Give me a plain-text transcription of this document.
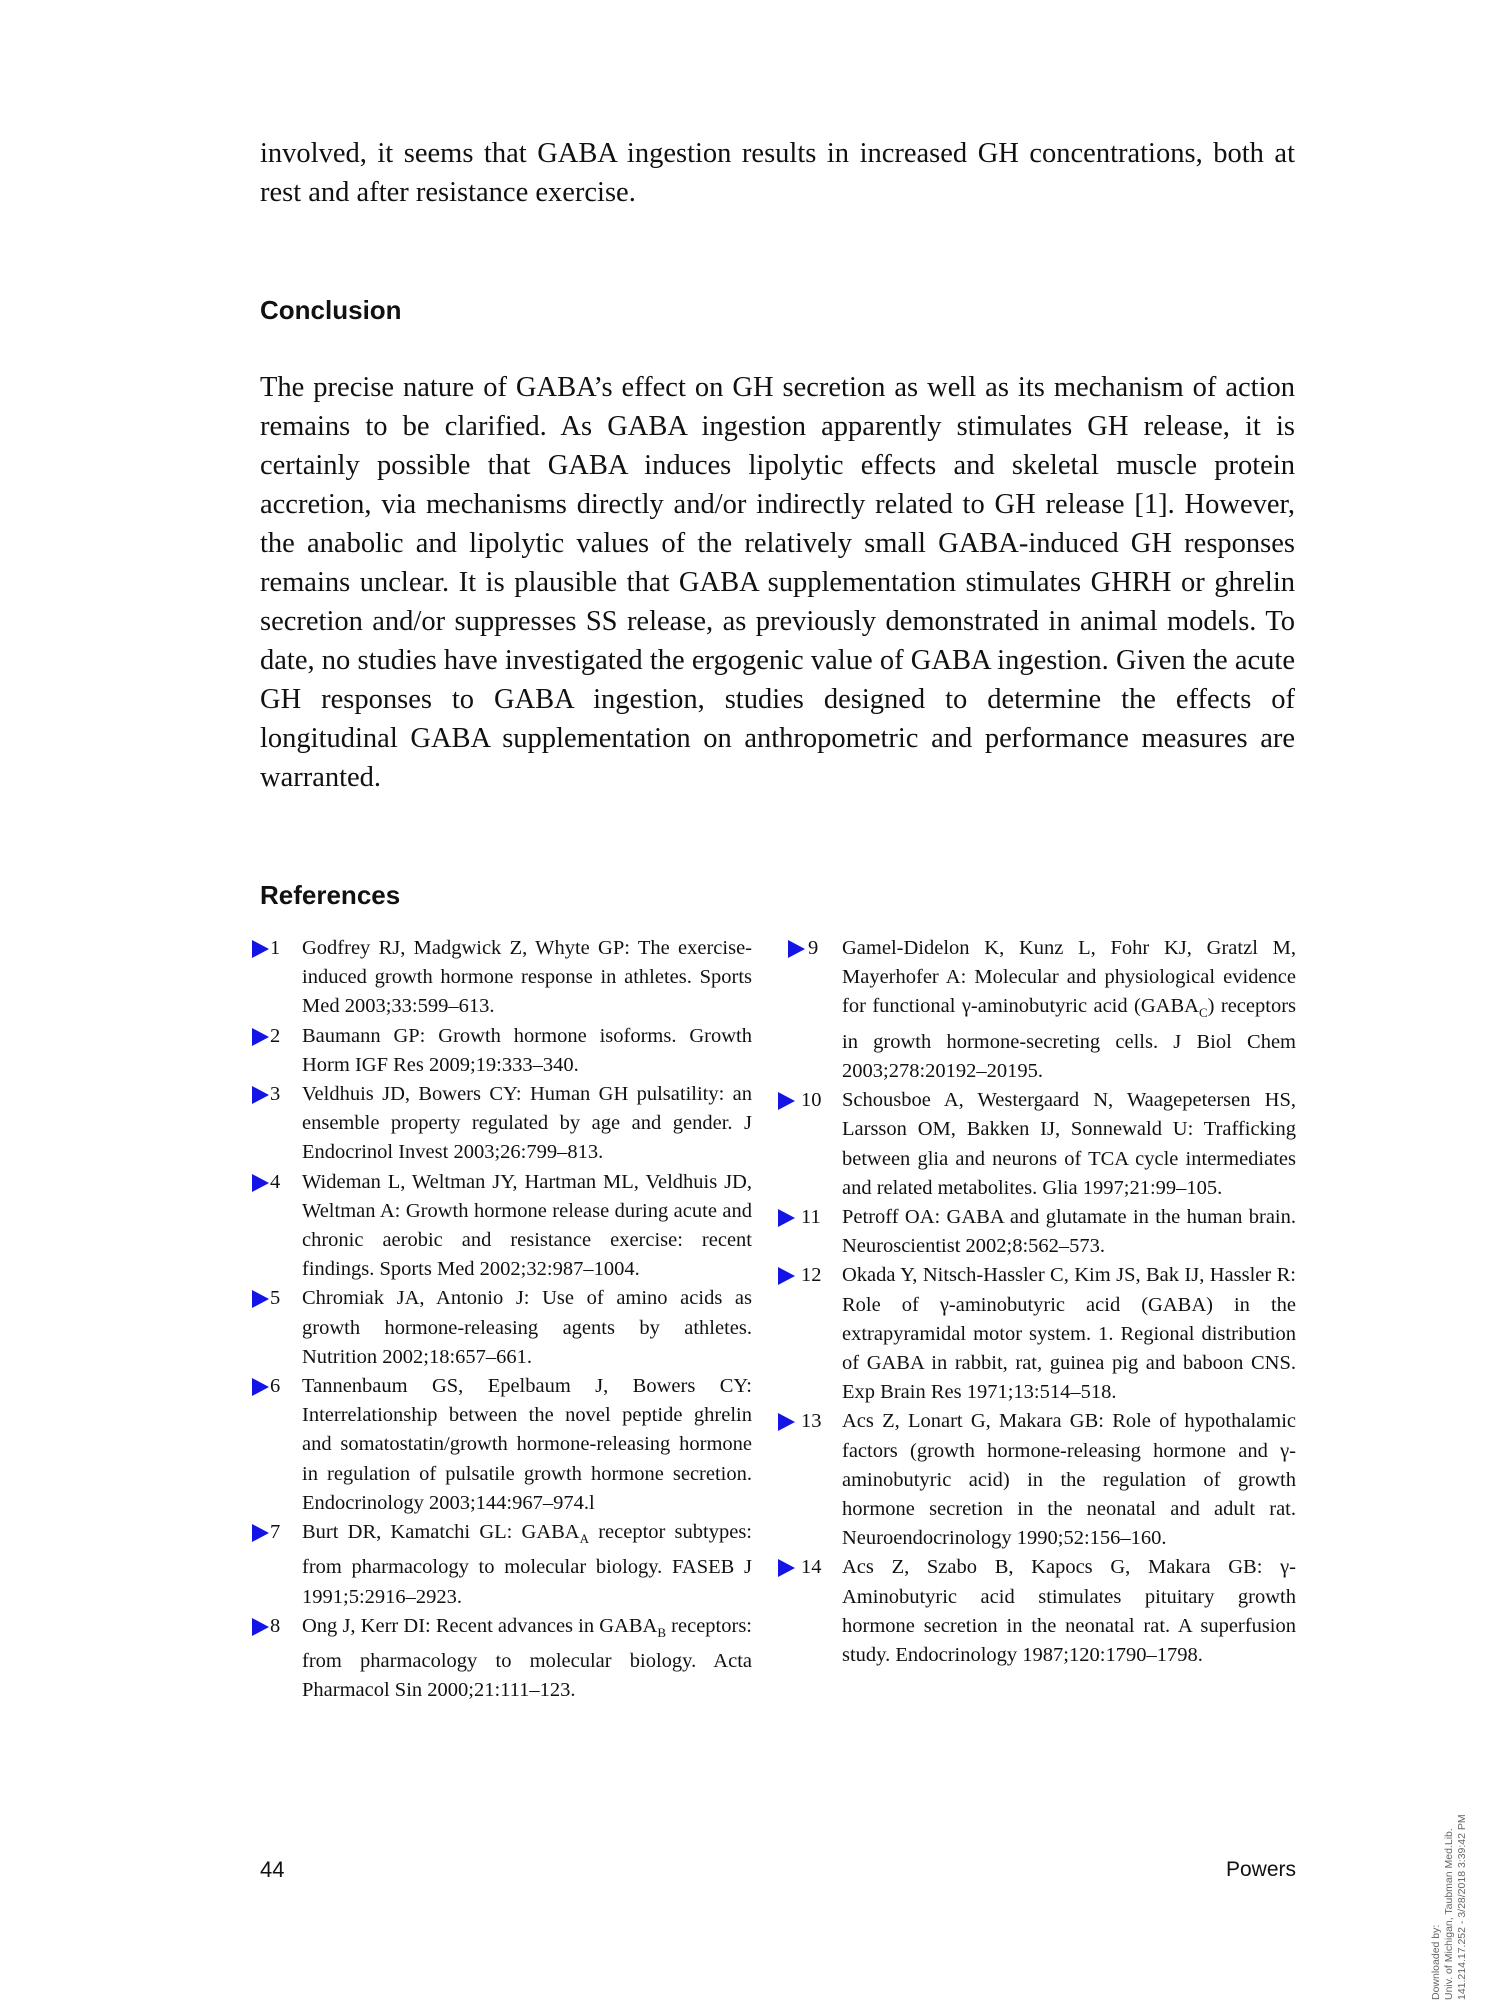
involved, it seems that GABA ingestion results in increased GH concentrations, both at rest and after resistance exercise.

Conclusion

The precise nature of GABA’s effect on GH secretion as well as its mechanism of action remains to be clarified. As GABA ingestion apparently stimulates GH release, it is certainly possible that GABA induces lipolytic effects and skeletal muscle protein accretion, via mechanisms directly and/or indirectly related to GH release [1]. However, the anabolic and lipolytic values of the relatively small GABA-induced GH responses remains unclear. It is plausible that GABA supplementation stimulates GHRH or ghrelin secretion and/or suppresses SS release, as previously demonstrated in animal models. To date, no studies have investigated the ergogenic value of GABA ingestion. Given the acute GH responses to GABA ingestion, studies designed to determine the effects of longitudinal GABA supplementation on anthropometric and performance measures are warranted.

References
1 Godfrey RJ, Madgwick Z, Whyte GP: The exercise-induced growth hormone response in athletes. Sports Med 2003;33:599–613.
2 Baumann GP: Growth hormone isoforms. Growth Horm IGF Res 2009;19:333–340.
3 Veldhuis JD, Bowers CY: Human GH pulsatility: an ensemble property regulated by age and gender. J Endocrinol Invest 2003;26:799–813.
4 Wideman L, Weltman JY, Hartman ML, Veldhuis JD, Weltman A: Growth hormone release during acute and chronic aerobic and resistance exercise: recent findings. Sports Med 2002;32:987–1004.
5 Chromiak JA, Antonio J: Use of amino acids as growth hormone-releasing agents by athletes. Nutrition 2002;18:657–661.
6 Tannenbaum GS, Epelbaum J, Bowers CY: Interrelationship between the novel peptide ghrelin and somatostatin/growth hormone-releasing hormone in regulation of pulsatile growth hormone secretion. Endocrinology 2003;144:967–974.l
7 Burt DR, Kamatchi GL: $GABA_A$ receptor subtypes: from pharmacology to molecular biology. FASEB J 1991;5:2916–2923.
8 Ong J, Kerr DI: Recent advances in $GABA_B$ receptors: from pharmacology to molecular biology. Acta Pharmacol Sin 2000;21:111–123.
9 Gamel-Didelon K, Kunz L, Fohr KJ, Gratzl M, Mayerhofer A: Molecular and physiological evidence for functional γ-aminobutyric acid $(GABA_C)$ receptors in growth hormone-secreting cells. J Biol Chem 2003;278:20192–20195.
10 Schousboe A, Westergaard N, Waagepetersen HS, Larsson OM, Bakken IJ, Sonnewald U: Trafficking between glia and neurons of TCA cycle intermediates and related metabolites. Glia 1997;21:99–105.
11 Petroff OA: GABA and glutamate in the human brain. Neuroscientist 2002;8:562–573.
12 Okada Y, Nitsch-Hassler C, Kim JS, Bak IJ, Hassler R: Role of γ-aminobutyric acid (GABA) in the extrapyramidal motor system. 1. Regional distribution of GABA in rabbit, rat, guinea pig and baboon CNS. Exp Brain Res 1971;13:514–518.
13 Acs Z, Lonart G, Makara GB: Role of hypothalamic factors (growth hormone-releasing hormone and γ-aminobutyric acid) in the regulation of growth hormone secretion in the neonatal and adult rat. Neuroendocrinology 1990;52:156–160.
14 Acs Z, Szabo B, Kapocs G, Makara GB: γ-Aminobutyric acid stimulates pituitary growth hormone secretion in the neonatal rat. A superfusion study. Endocrinology 1987;120:1790–1798.
44	Powers
Downloaded by: Univ. of Michigan, Taubman Med.Lib. 141.214.17.252 - 3/28/2018 3:39:42 PM
